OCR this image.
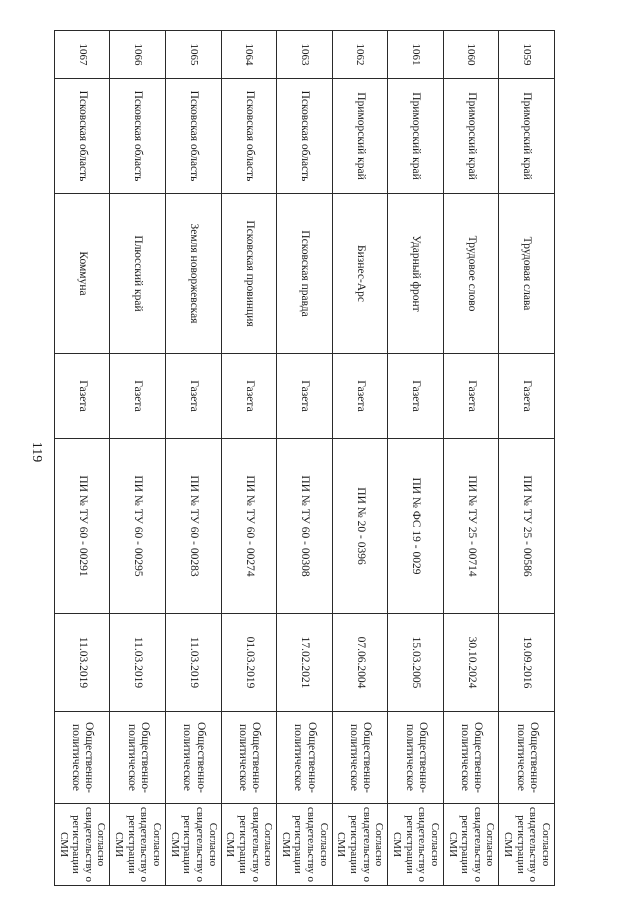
119
1059	Приморский край	Трудовая слава	Газета	ПИ № ТУ 25 - 00586	19.09.2016	Общественно-политическое	Согласно свидетельству о регистрации СМИ
1060	Приморский край	Трудовое слово	Газета	ПИ № ТУ 25 - 00714	30.10.2024	Общественно-политическое	Согласно свидетельству о регистрации СМИ
1061	Приморский край	Ударный фронт	Газета	ПИ № ФС 19 - 0029	15.03.2005	Общественно-политическое	Согласно свидетельству о регистрации СМИ
1062	Приморский край	Бизнес-Арс	Газета	ПИ № 20 - 0396	07.06.2004	Общественно-политическое	Согласно свидетельству о регистрации СМИ
1063	Псковская область	Псковская правда	Газета	ПИ № ТУ 60 - 00308	17.02.2021	Общественно-политическое	Согласно свидетельству о регистрации СМИ
1064	Псковская область	Псковская провинция	Газета	ПИ № ТУ 60 - 00274	01.03.2019	Общественно-политическое	Согласно свидетельству о регистрации СМИ
1065	Псковская область	Земля новоржевская	Газета	ПИ № ТУ 60 - 00283	11.03.2019	Общественно-политическое	Согласно свидетельству о регистрации СМИ
1066	Псковская область	Плюсский край	Газета	ПИ № ТУ 60 - 00295	11.03.2019	Общественно-политическое	Согласно свидетельству о регистрации СМИ
1067	Псковская область	Коммуна	Газета	ПИ № ТУ 60 - 00291	11.03.2019	Общественно-политическое	Согласно свидетельству о регистрации СМИ
